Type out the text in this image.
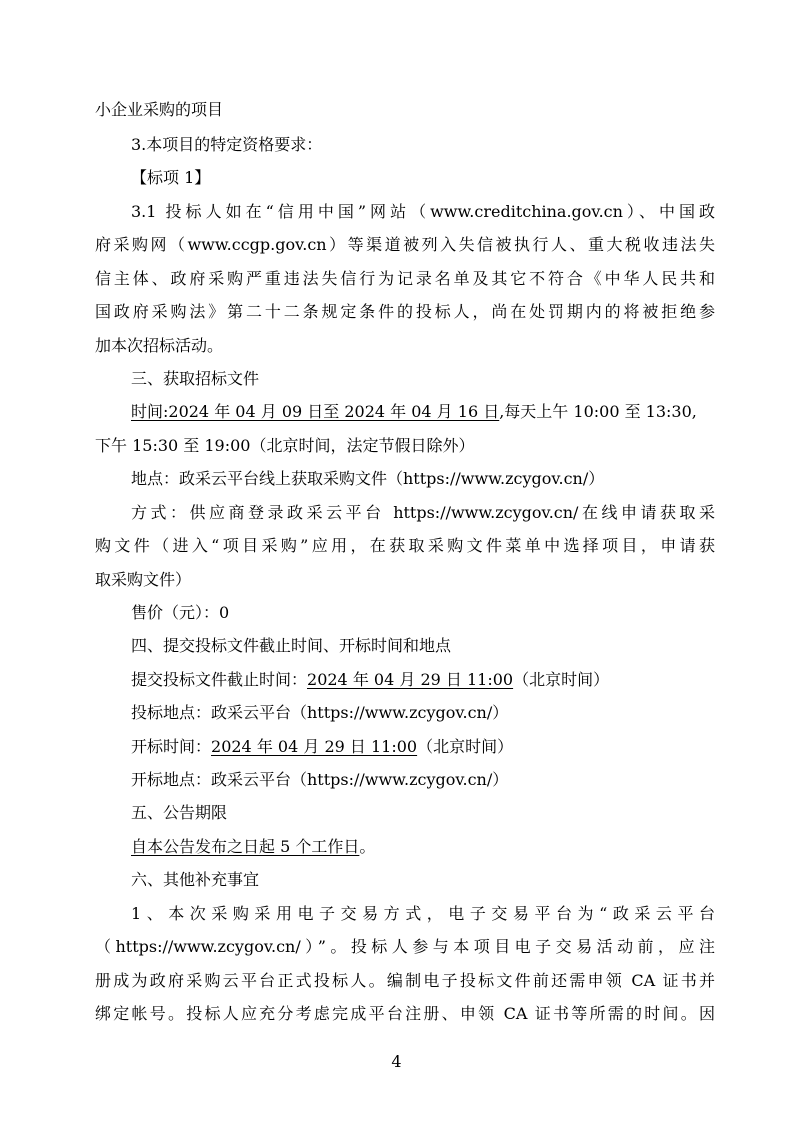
小企业采购的项目
3.本项目的特定资格要求：
【标项 1】
3.1 投标人如在“信用中国”网站（www.creditchina.gov.cn）、中国政
府采购网（www.ccgp.gov.cn）等渠道被列入失信被执行人、重大税收违法失
信主体、政府采购严重违法失信行为记录名单及其它不符合《中华人民共和
国政府采购法》第二十二条规定条件的投标人，尚在处罚期内的将被拒绝参
加本次招标活动。
三、获取招标文件
时间:2024 年 04 月 09 日至 2024 年 04 月 16 日,每天上午 10:00 至 13:30,
下午 15:30 至 19:00（北京时间，法定节假日除外）
地点：政采云平台线上获取采购文件（https://www.zcygov.cn/）
方式：供应商登录政采云平台 https://www.zcygov.cn/在线申请获取采
购文件（进入“项目采购”应用，在获取采购文件菜单中选择项目，申请获
取采购文件）
售价（元）：0
四、提交投标文件截止时间、开标时间和地点
提交投标文件截止时间：2024 年 04 月 29 日 11:00（北京时间）
投标地点：政采云平台（https://www.zcygov.cn/）
开标时间：2024 年 04 月 29 日 11:00（北京时间）
开标地点：政采云平台（https://www.zcygov.cn/）
五、公告期限
自本公告发布之日起 5 个工作日。
六、其他补充事宜
1、本次采购采用电子交易方式，电子交易平台为“政采云平台
（https://www.zcygov.cn/）”。投标人参与本项目电子交易活动前，应注
册成为政府采购云平台正式投标人。编制电子投标文件前还需申领 CA 证书并
绑定帐号。投标人应充分考虑完成平台注册、申领 CA 证书等所需的时间。因
4
